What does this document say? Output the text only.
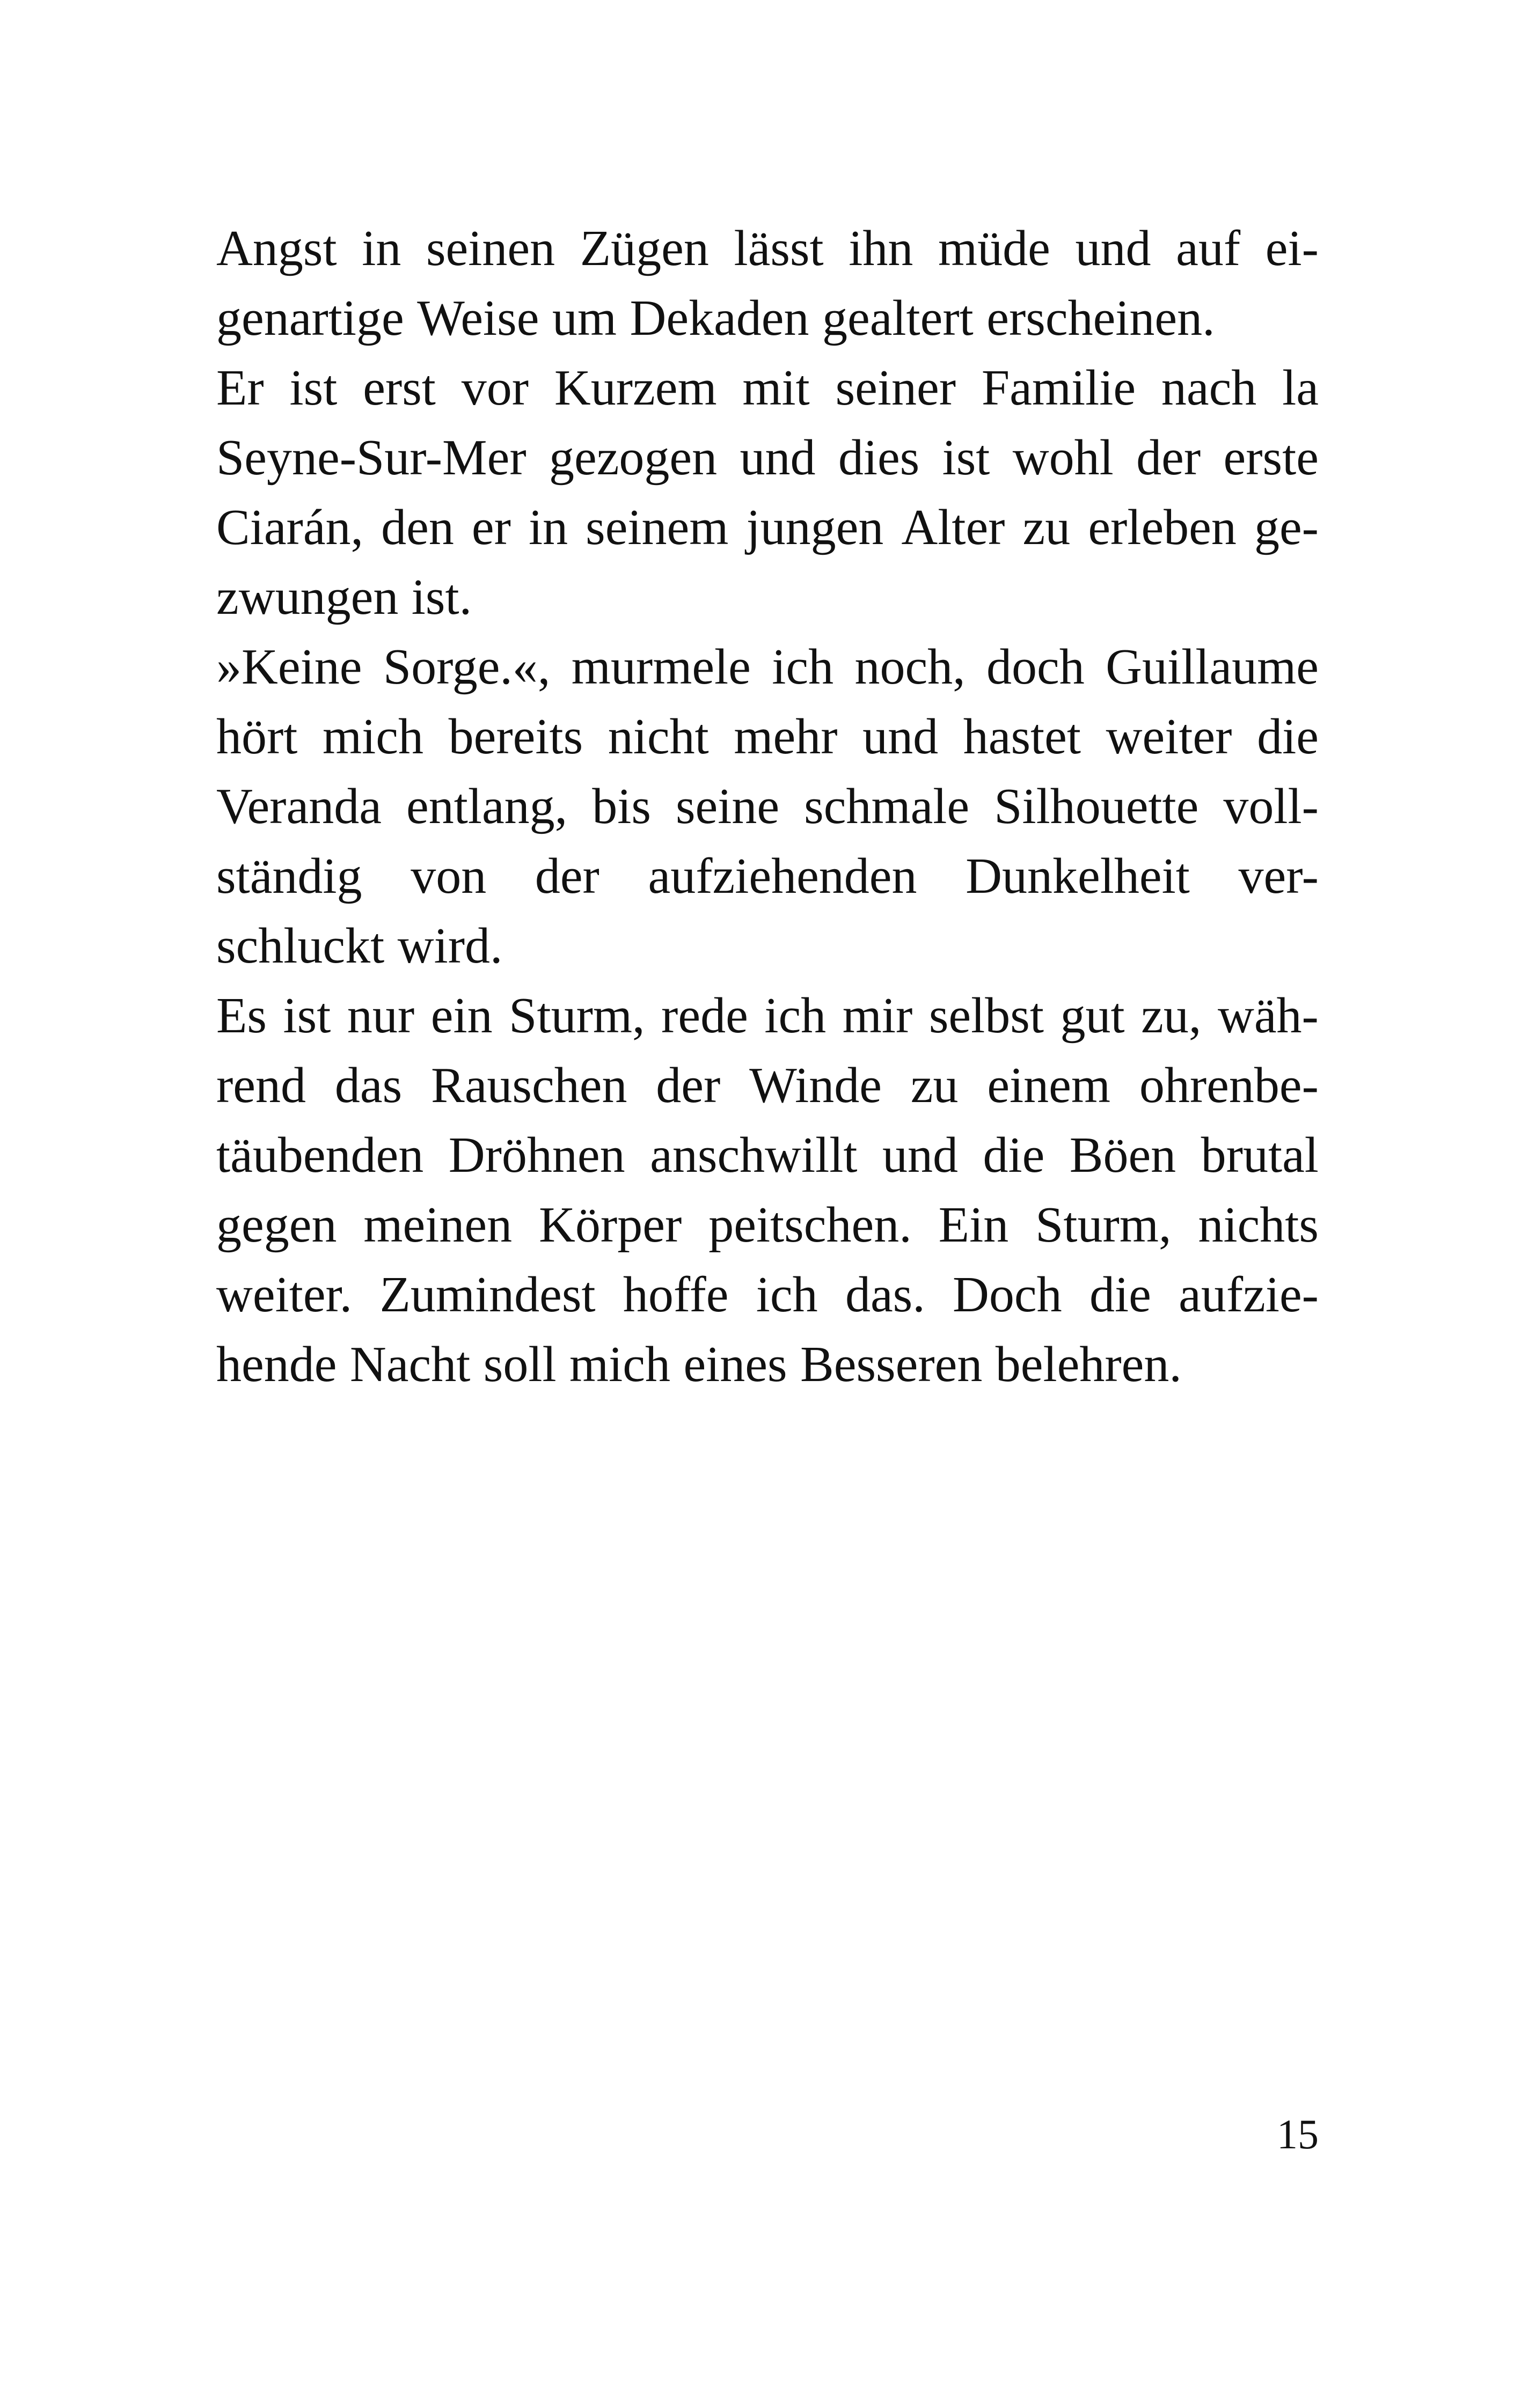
Angst in seinen Zügen lässt ihn müde und auf ei-
genartige Weise um Dekaden gealtert erscheinen.
Er ist erst vor Kurzem mit seiner Familie nach la
Seyne-Sur-Mer gezogen und dies ist wohl der erste
Ciarán, den er in seinem jungen Alter zu erleben ge-
zwungen ist.
»Keine Sorge.«, murmele ich noch, doch Guillaume
hört mich bereits nicht mehr und hastet weiter die
Veranda entlang, bis seine schmale Silhouette voll-
ständig von der aufziehenden Dunkelheit ver-
schluckt wird.
Es ist nur ein Sturm, rede ich mir selbst gut zu, wäh-
rend das Rauschen der Winde zu einem ohrenbe-
täubenden Dröhnen anschwillt und die Böen brutal
gegen meinen Körper peitschen. Ein Sturm, nichts
weiter. Zumindest hoffe ich das. Doch die aufzie-
hende Nacht soll mich eines Besseren belehren.
15
